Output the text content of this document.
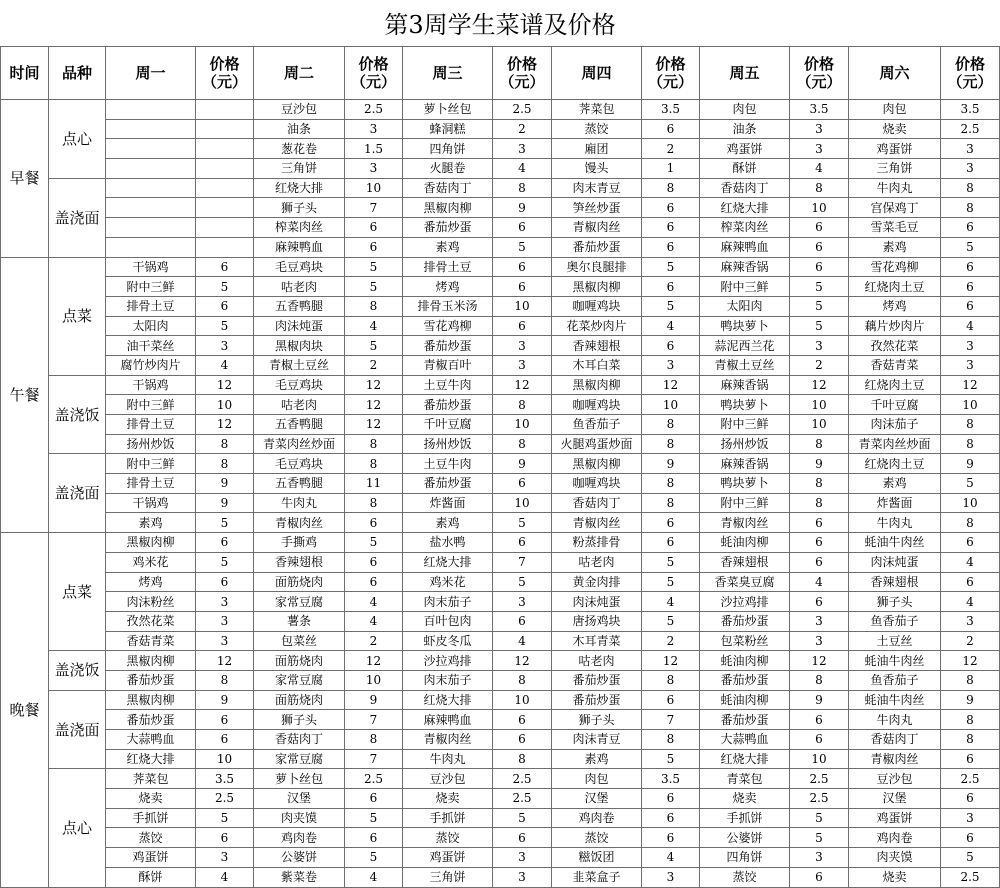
第3周学生菜谱及价格
时间	品种	周一	价格（元）	周二	价格（元）	周三	价格（元）	周四	价格（元）	周五	价格（元）	周六	价格（元）
早餐	点心			豆沙包	2.5	萝卜丝包	2.5	荠菜包	3.5	肉包	3.5	肉包	3.5
				油条	3	蜂洞糕	2	蒸饺	6	油条	3	烧卖	2.5
				葱花卷	1.5	四角饼	3	廂团	2	鸡蛋饼	3	鸡蛋饼	3
				三角饼	3	火腿卷	4	馒头	1	酥饼	4	三角饼	3
	盖浇面			红烧大排	10	香菇肉丁	8	肉末青豆	8	香菇肉丁	8	牛肉丸	8
				狮子头	7	黑椒肉柳	9	笋丝炒蛋	6	红烧大排	10	宫保鸡丁	8
				榨菜肉丝	6	番茄炒蛋	6	青椒肉丝	6	榨菜肉丝	6	雪菜毛豆	6
				麻辣鸭血	6	素鸡	5	番茄炒蛋	6	麻辣鸭血	6	素鸡	5
午餐	点菜	干锅鸡	6	毛豆鸡块	5	排骨土豆	6	奥尔良腿排	5	麻辣香锅	6	雪花鸡柳	6
		附中三鲜	5	咕老肉	5	烤鸡	6	黑椒肉柳	6	附中三鲜	5	红烧肉土豆	6
		排骨土豆	6	五香鸭腿	8	排骨玉米汤	10	咖喱鸡块	5	太阳肉	5	烤鸡	6
		太阳肉	5	肉沫炖蛋	4	雪花鸡柳	6	花菜炒肉片	4	鸭块萝卜	5	藕片炒肉片	4
		油干菜丝	3	黑椒肉块	5	番茄炒蛋	3	香辣翅根	6	蒜泥西兰花	3	孜然花菜	3
		腐竹炒肉片	4	青椒土豆丝	2	青椒百叶	3	木耳白菜	3	青椒土豆丝	2	香菇青菜	3
	盖浇饭	干锅鸡	12	毛豆鸡块	12	土豆牛肉	12	黑椒肉柳	12	麻辣香锅	12	红烧肉土豆	12
		附中三鲜	10	咕老肉	12	番茄炒蛋	8	咖喱鸡块	10	鸭块萝卜	10	千叶豆腐	10
		排骨土豆	12	五香鸭腿	12	千叶豆腐	10	鱼香茄子	8	附中三鲜	10	肉沫茄子	8
		扬州炒饭	8	青菜肉丝炒面	8	扬州炒饭	8	火腿鸡蛋炒面	8	扬州炒饭	8	青菜肉丝炒面	8
	盖浇面	附中三鲜	8	毛豆鸡块	8	土豆牛肉	9	黑椒肉柳	9	麻辣香锅	9	红烧肉土豆	9
		排骨土豆	9	五香鸭腿	11	番茄炒蛋	6	咖喱鸡块	8	鸭块萝卜	8	素鸡	5
		干锅鸡	9	牛肉丸	8	炸酱面	10	香菇肉丁	8	附中三鲜	8	炸酱面	10
		素鸡	5	青椒肉丝	6	素鸡	5	青椒肉丝	6	青椒肉丝	6	牛肉丸	8
晚餐	点菜	黑椒肉柳	6	手撕鸡	5	盐水鸭	6	粉蒸排骨	6	蚝油肉柳	6	蚝油牛肉丝	6
		鸡米花	5	香辣翅根	6	红烧大排	7	咕老肉	5	香辣翅根	6	肉沫炖蛋	4
		烤鸡	6	面筋烧肉	6	鸡米花	5	黄金肉排	5	香菜臭豆腐	4	香辣翅根	6
		肉沫粉丝	3	家常豆腐	4	肉末茄子	3	肉沫炖蛋	4	沙拉鸡排	6	狮子头	4
		孜然花菜	3	薯条	4	百叶包肉	6	唐扬鸡块	5	番茄炒蛋	3	鱼香茄子	3
		香菇青菜	3	包菜丝	2	虾皮冬瓜	4	木耳青菜	2	包菜粉丝	3	土豆丝	2
	盖浇饭	黑椒肉柳	12	面筋烧肉	12	沙拉鸡排	12	咕老肉	12	蚝油肉柳	12	蚝油牛肉丝	12
		番茄炒蛋	8	家常豆腐	10	肉末茄子	8	番茄炒蛋	8	番茄炒蛋	8	鱼香茄子	8
	盖浇面	黑椒肉柳	9	面筋烧肉	9	红烧大排	10	番茄炒蛋	6	蚝油肉柳	9	蚝油牛肉丝	9
		番茄炒蛋	6	狮子头	7	麻辣鸭血	6	狮子头	7	番茄炒蛋	6	牛肉丸	8
		大蒜鸭血	6	香菇肉丁	8	青椒肉丝	6	肉沫青豆	8	大蒜鸭血	6	香菇肉丁	8
		红烧大排	10	家常豆腐	7	牛肉丸	8	素鸡	5	红烧大排	10	青椒肉丝	6
	点心	荠菜包	3.5	萝卜丝包	2.5	豆沙包	2.5	肉包	3.5	青菜包	2.5	豆沙包	2.5
		烧卖	2.5	汉堡	6	烧卖	2.5	汉堡	6	烧卖	2.5	汉堡	6
		手抓饼	5	肉夹馍	5	手抓饼	5	鸡肉卷	6	手抓饼	5	鸡蛋饼	3
		蒸饺	6	鸡肉卷	6	蒸饺	6	蒸饺	6	公婆饼	5	鸡肉卷	6
		鸡蛋饼	3	公婆饼	5	鸡蛋饼	3	糍饭团	4	四角饼	3	肉夹馍	5
		酥饼	4	紫菜卷	4	三角饼	3	韭菜盒子	3	蒸饺	6	烧卖	2.5
